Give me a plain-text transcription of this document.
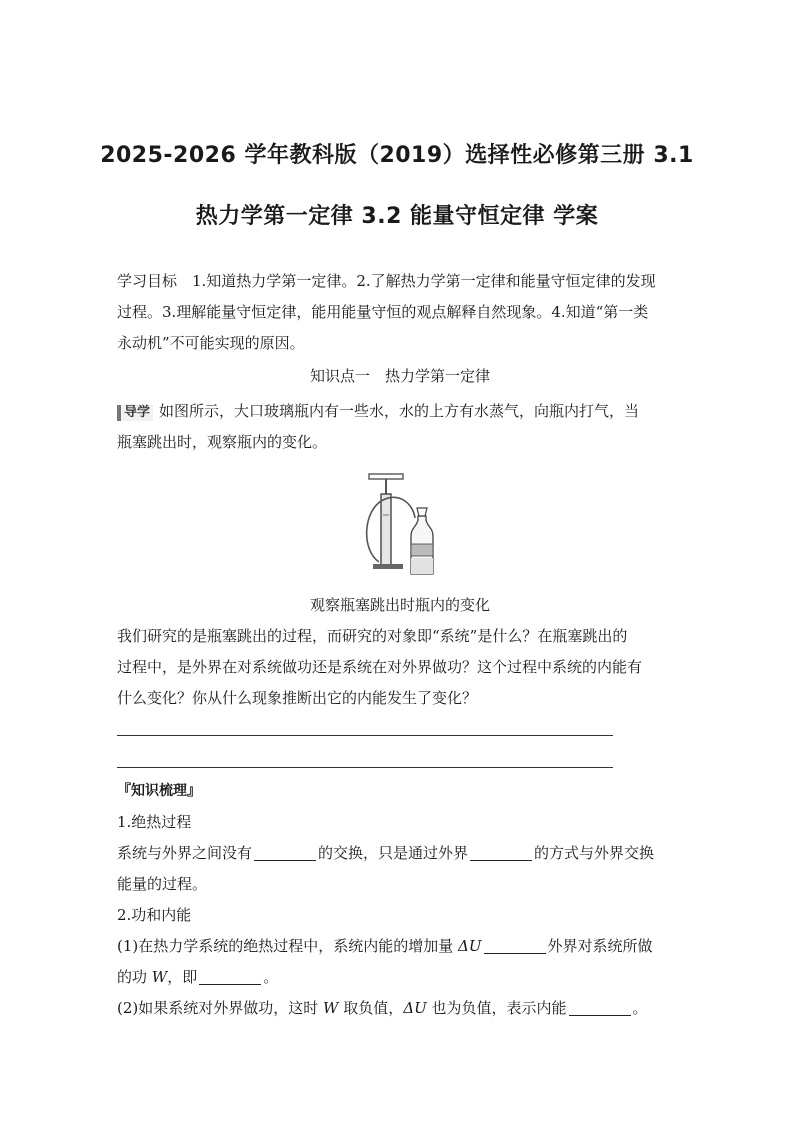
2025-2026 学年教科版（2019）选择性必修第三册 3.1
热力学第一定律 3.2 能量守恒定律 学案
学习目标　1.知道热力学第一定律。2.了解热力学第一定律和能量守恒定律的发现
过程。3.理解能量守恒定律，能用能量守恒的观点解释自然现象。4.知道“第一类
永动机”不可能实现的原因。
知识点一　热力学第一定律
导学 如图所示，大口玻璃瓶内有一些水，水的上方有水蒸气，向瓶内打气，当
瓶塞跳出时，观察瓶内的变化。
观察瓶塞跳出时瓶内的变化
我们研究的是瓶塞跳出的过程，而研究的对象即“系统”是什么？在瓶塞跳出的
过程中，是外界在对系统做功还是系统在对外界做功？这个过程中系统的内能有
什么变化？你从什么现象推断出它的内能发生了变化？
『知识梳理』
1.绝热过程
系统与外界之间没有	的交换，只是通过外界	的方式与外界交换
能量的过程。
2.功和内能
(1)在热力学系统的绝热过程中，系统内能的增加量 ΔU	外界对系统所做
的功 W，即	。
(2)如果系统对外界做功，这时 W 取负值，ΔU 也为负值，表示内能	。
